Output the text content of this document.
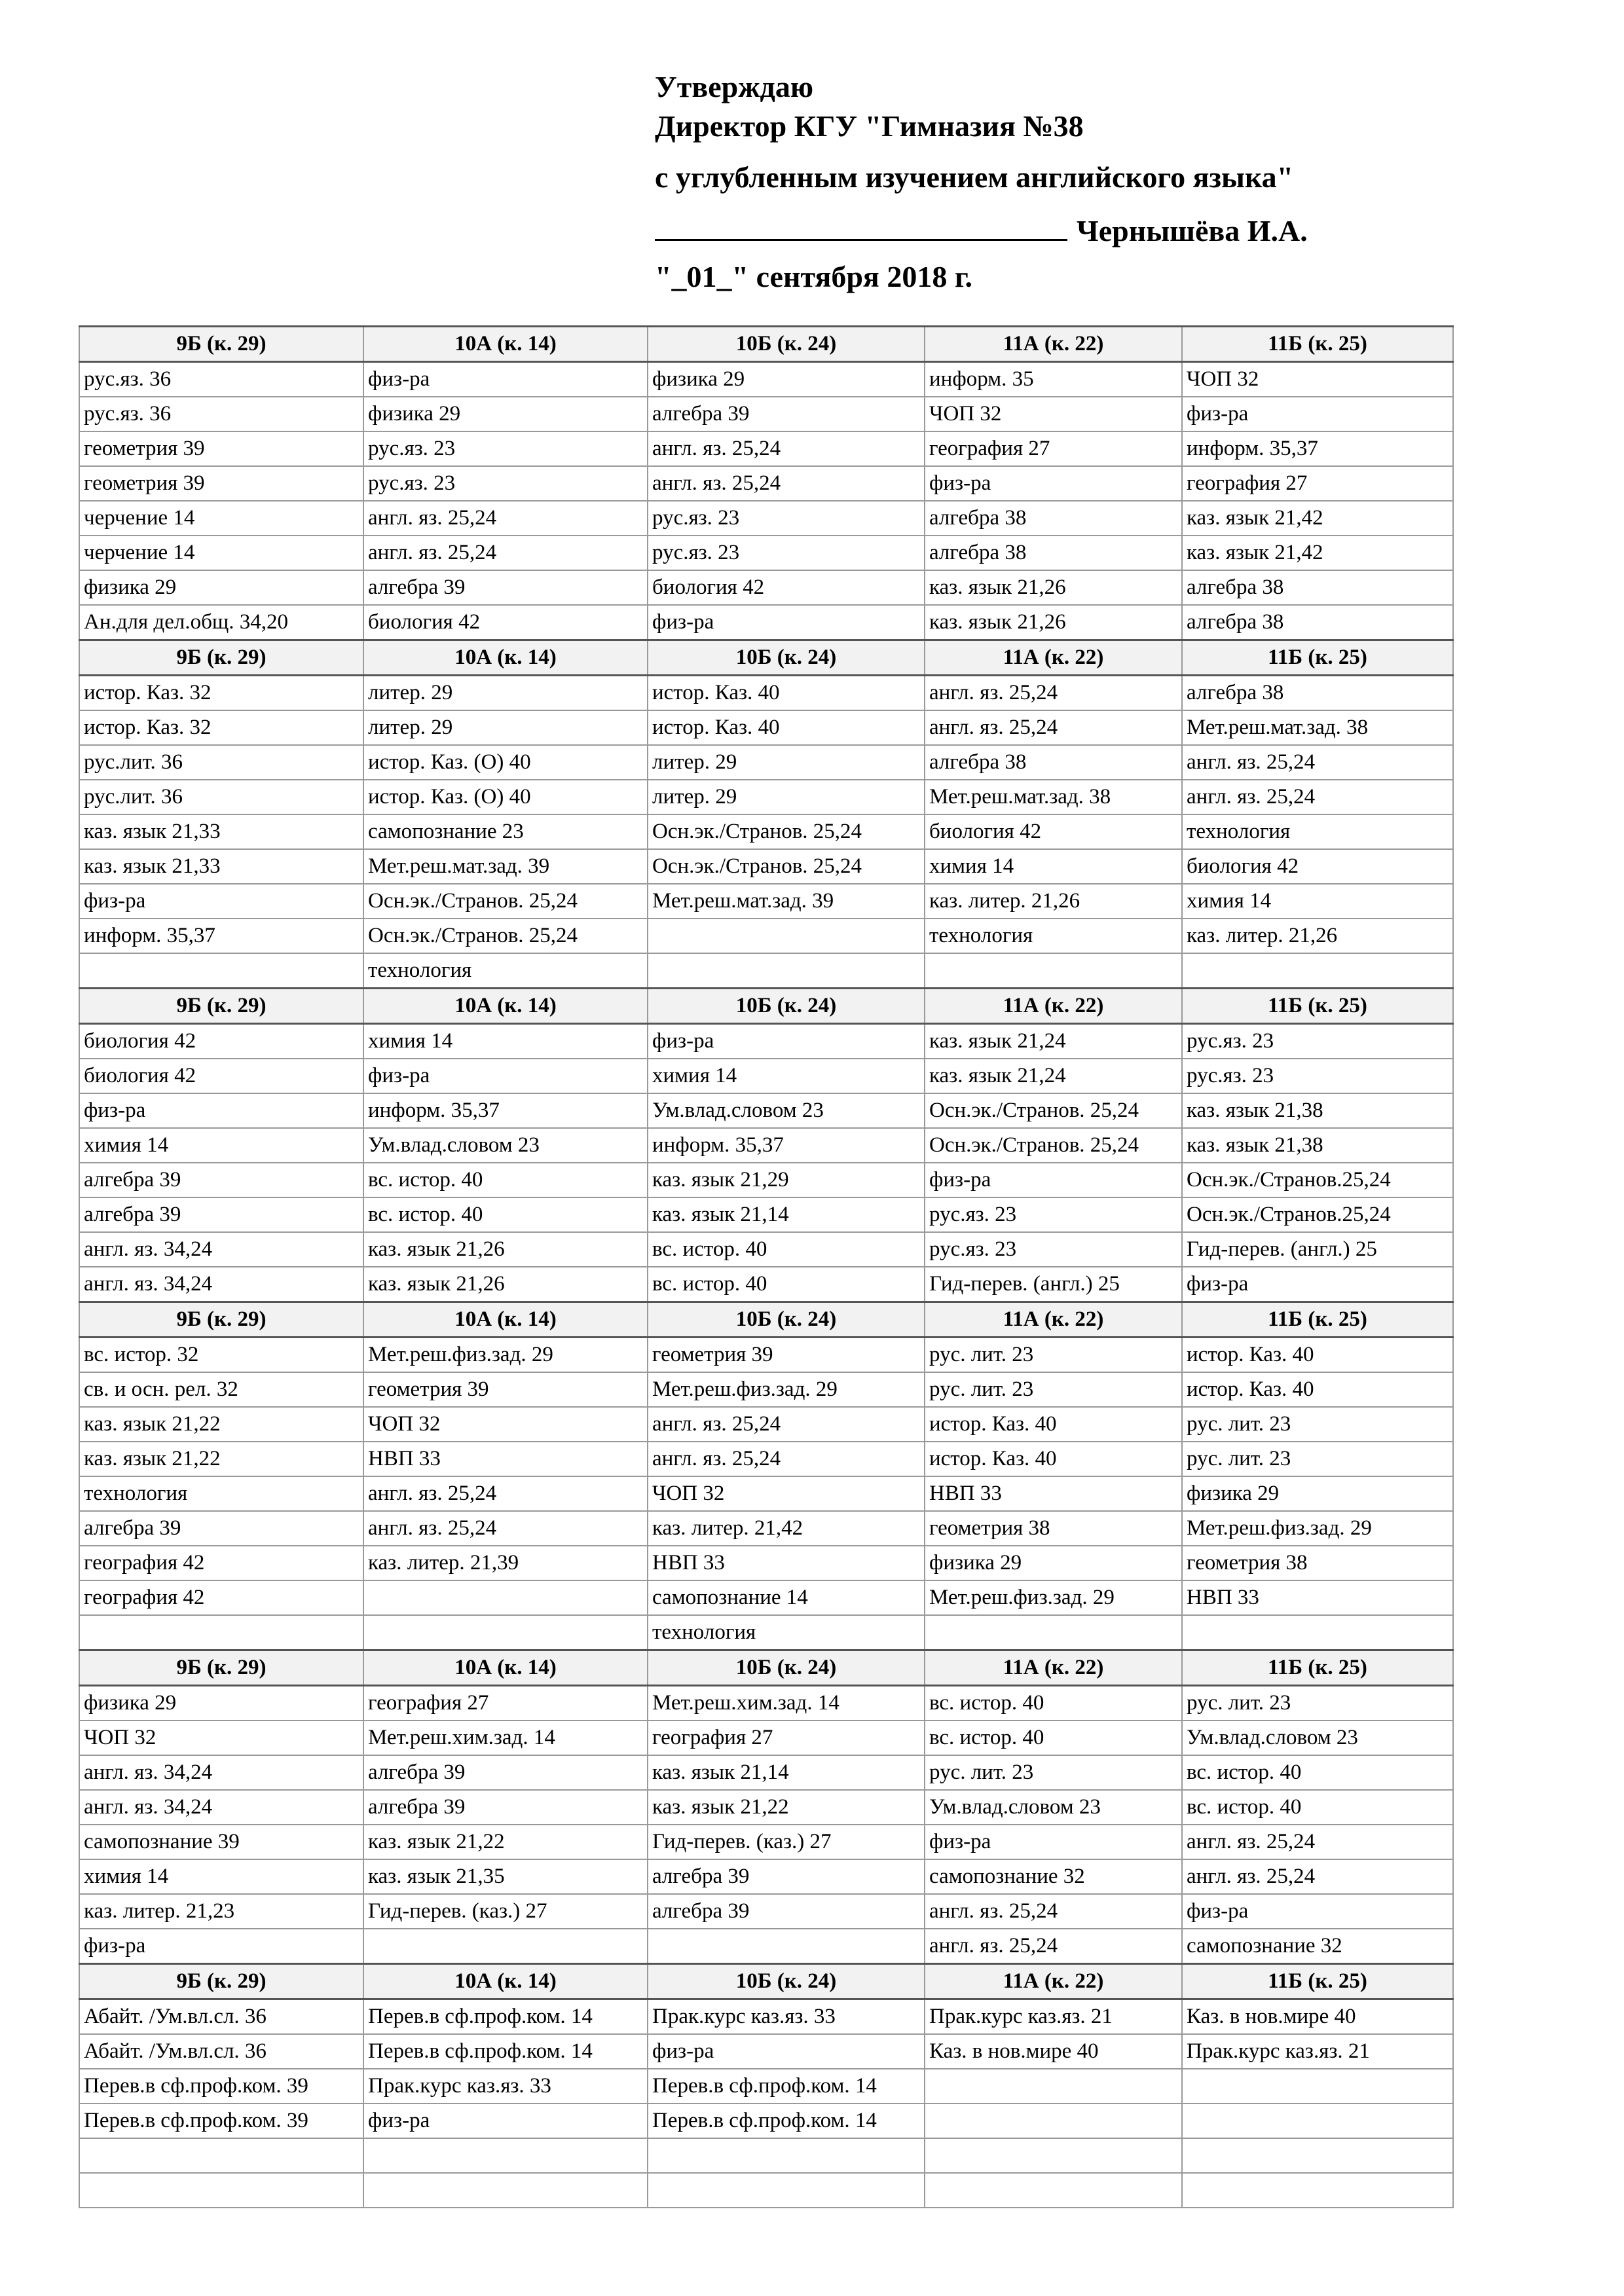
Утверждаю
Директор КГУ "Гимназия №38
с углубленным изучением английского языка"
Чернышёва И.А.
"_01_" сентября 2018 г.
9Б (к. 29)	10А (к. 14)	10Б (к. 24)	11А (к. 22)	11Б (к. 25)
рус.яз. 36	физ-ра	физика 29	информ. 35	ЧОП 32
рус.яз. 36	физика 29	алгебра 39	ЧОП 32	физ-ра
геометрия 39	рус.яз. 23	англ. яз. 25,24	география 27	информ. 35,37
геометрия 39	рус.яз. 23	англ. яз. 25,24	физ-ра	география 27
черчение 14	англ. яз. 25,24	рус.яз. 23	алгебра 38	каз. язык 21,42
черчение 14	англ. яз. 25,24	рус.яз. 23	алгебра 38	каз. язык 21,42
физика 29	алгебра 39	биология 42	каз. язык 21,26	алгебра 38
Ан.для дел.общ. 34,20	биология 42	физ-ра	каз. язык 21,26	алгебра 38
9Б (к. 29)	10А (к. 14)	10Б (к. 24)	11А (к. 22)	11Б (к. 25)
истор. Каз. 32	литер. 29	истор. Каз. 40	англ. яз. 25,24	алгебра 38
истор. Каз. 32	литер. 29	истор. Каз. 40	англ. яз. 25,24	Мет.реш.мат.зад. 38
рус.лит. 36	истор. Каз. (О) 40	литер. 29	алгебра 38	англ. яз. 25,24
рус.лит. 36	истор. Каз. (О) 40	литер. 29	Мет.реш.мат.зад. 38	англ. яз. 25,24
каз. язык 21,33	самопознание 23	Осн.эк./Странов. 25,24	биология 42	технология
каз. язык 21,33	Мет.реш.мат.зад. 39	Осн.эк./Странов. 25,24	химия 14	биология 42
физ-ра	Осн.эк./Странов. 25,24	Мет.реш.мат.зад. 39	каз. литер. 21,26	химия 14
информ. 35,37	Осн.эк./Странов. 25,24		технология	каз. литер. 21,26
	технология			
9Б (к. 29)	10А (к. 14)	10Б (к. 24)	11А (к. 22)	11Б (к. 25)
биология 42	химия 14	физ-ра	каз. язык 21,24	рус.яз. 23
биология 42	физ-ра	химия 14	каз. язык 21,24	рус.яз. 23
физ-ра	информ. 35,37	Ум.влад.словом 23	Осн.эк./Странов. 25,24	каз. язык 21,38
химия 14	Ум.влад.словом 23	информ. 35,37	Осн.эк./Странов. 25,24	каз. язык 21,38
алгебра 39	вс. истор. 40	каз. язык 21,29	физ-ра	Осн.эк./Странов.25,24
алгебра 39	вс. истор. 40	каз. язык 21,14	рус.яз. 23	Осн.эк./Странов.25,24
англ. яз. 34,24	каз. язык 21,26	вс. истор. 40	рус.яз. 23	Гид-перев. (англ.) 25
англ. яз. 34,24	каз. язык 21,26	вс. истор. 40	Гид-перев. (англ.) 25	физ-ра
9Б (к. 29)	10А (к. 14)	10Б (к. 24)	11А (к. 22)	11Б (к. 25)
вс. истор. 32	Мет.реш.физ.зад. 29	геометрия 39	рус. лит. 23	истор. Каз. 40
св. и осн. рел. 32	геометрия 39	Мет.реш.физ.зад. 29	рус. лит. 23	истор. Каз. 40
каз. язык 21,22	ЧОП 32	англ. яз. 25,24	истор. Каз. 40	рус. лит. 23
каз. язык 21,22	НВП 33	англ. яз. 25,24	истор. Каз. 40	рус. лит. 23
технология	англ. яз. 25,24	ЧОП 32	НВП 33	физика 29
алгебра 39	англ. яз. 25,24	каз. литер. 21,42	геометрия 38	Мет.реш.физ.зад. 29
география 42	каз. литер. 21,39	НВП 33	физика 29	геометрия 38
география 42		самопознание 14	Мет.реш.физ.зад. 29	НВП 33
		технология		
9Б (к. 29)	10А (к. 14)	10Б (к. 24)	11А (к. 22)	11Б (к. 25)
физика 29	география 27	Мет.реш.хим.зад. 14	вс. истор. 40	рус. лит. 23
ЧОП 32	Мет.реш.хим.зад. 14	география 27	вс. истор. 40	Ум.влад.словом 23
англ. яз. 34,24	алгебра 39	каз. язык 21,14	рус. лит. 23	вс. истор. 40
англ. яз. 34,24	алгебра 39	каз. язык 21,22	Ум.влад.словом 23	вс. истор. 40
самопознание 39	каз. язык 21,22	Гид-перев. (каз.) 27	физ-ра	англ. яз. 25,24
химия 14	каз. язык 21,35	алгебра 39	самопознание 32	англ. яз. 25,24
каз. литер. 21,23	Гид-перев. (каз.) 27	алгебра 39	англ. яз. 25,24	физ-ра
физ-ра			англ. яз. 25,24	самопознание 32
9Б (к. 29)	10А (к. 14)	10Б (к. 24)	11А (к. 22)	11Б (к. 25)
Абайт. /Ум.вл.сл. 36	Перев.в сф.проф.ком. 14	Прак.курс каз.яз. 33	Прак.курс каз.яз. 21	Каз. в нов.мире 40
Абайт. /Ум.вл.сл. 36	Перев.в сф.проф.ком. 14	физ-ра	Каз. в нов.мире 40	Прак.курс каз.яз. 21
Перев.в сф.проф.ком. 39	Прак.курс каз.яз. 33	Перев.в сф.проф.ком. 14		
Перев.в сф.проф.ком. 39	физ-ра	Перев.в сф.проф.ком. 14		
